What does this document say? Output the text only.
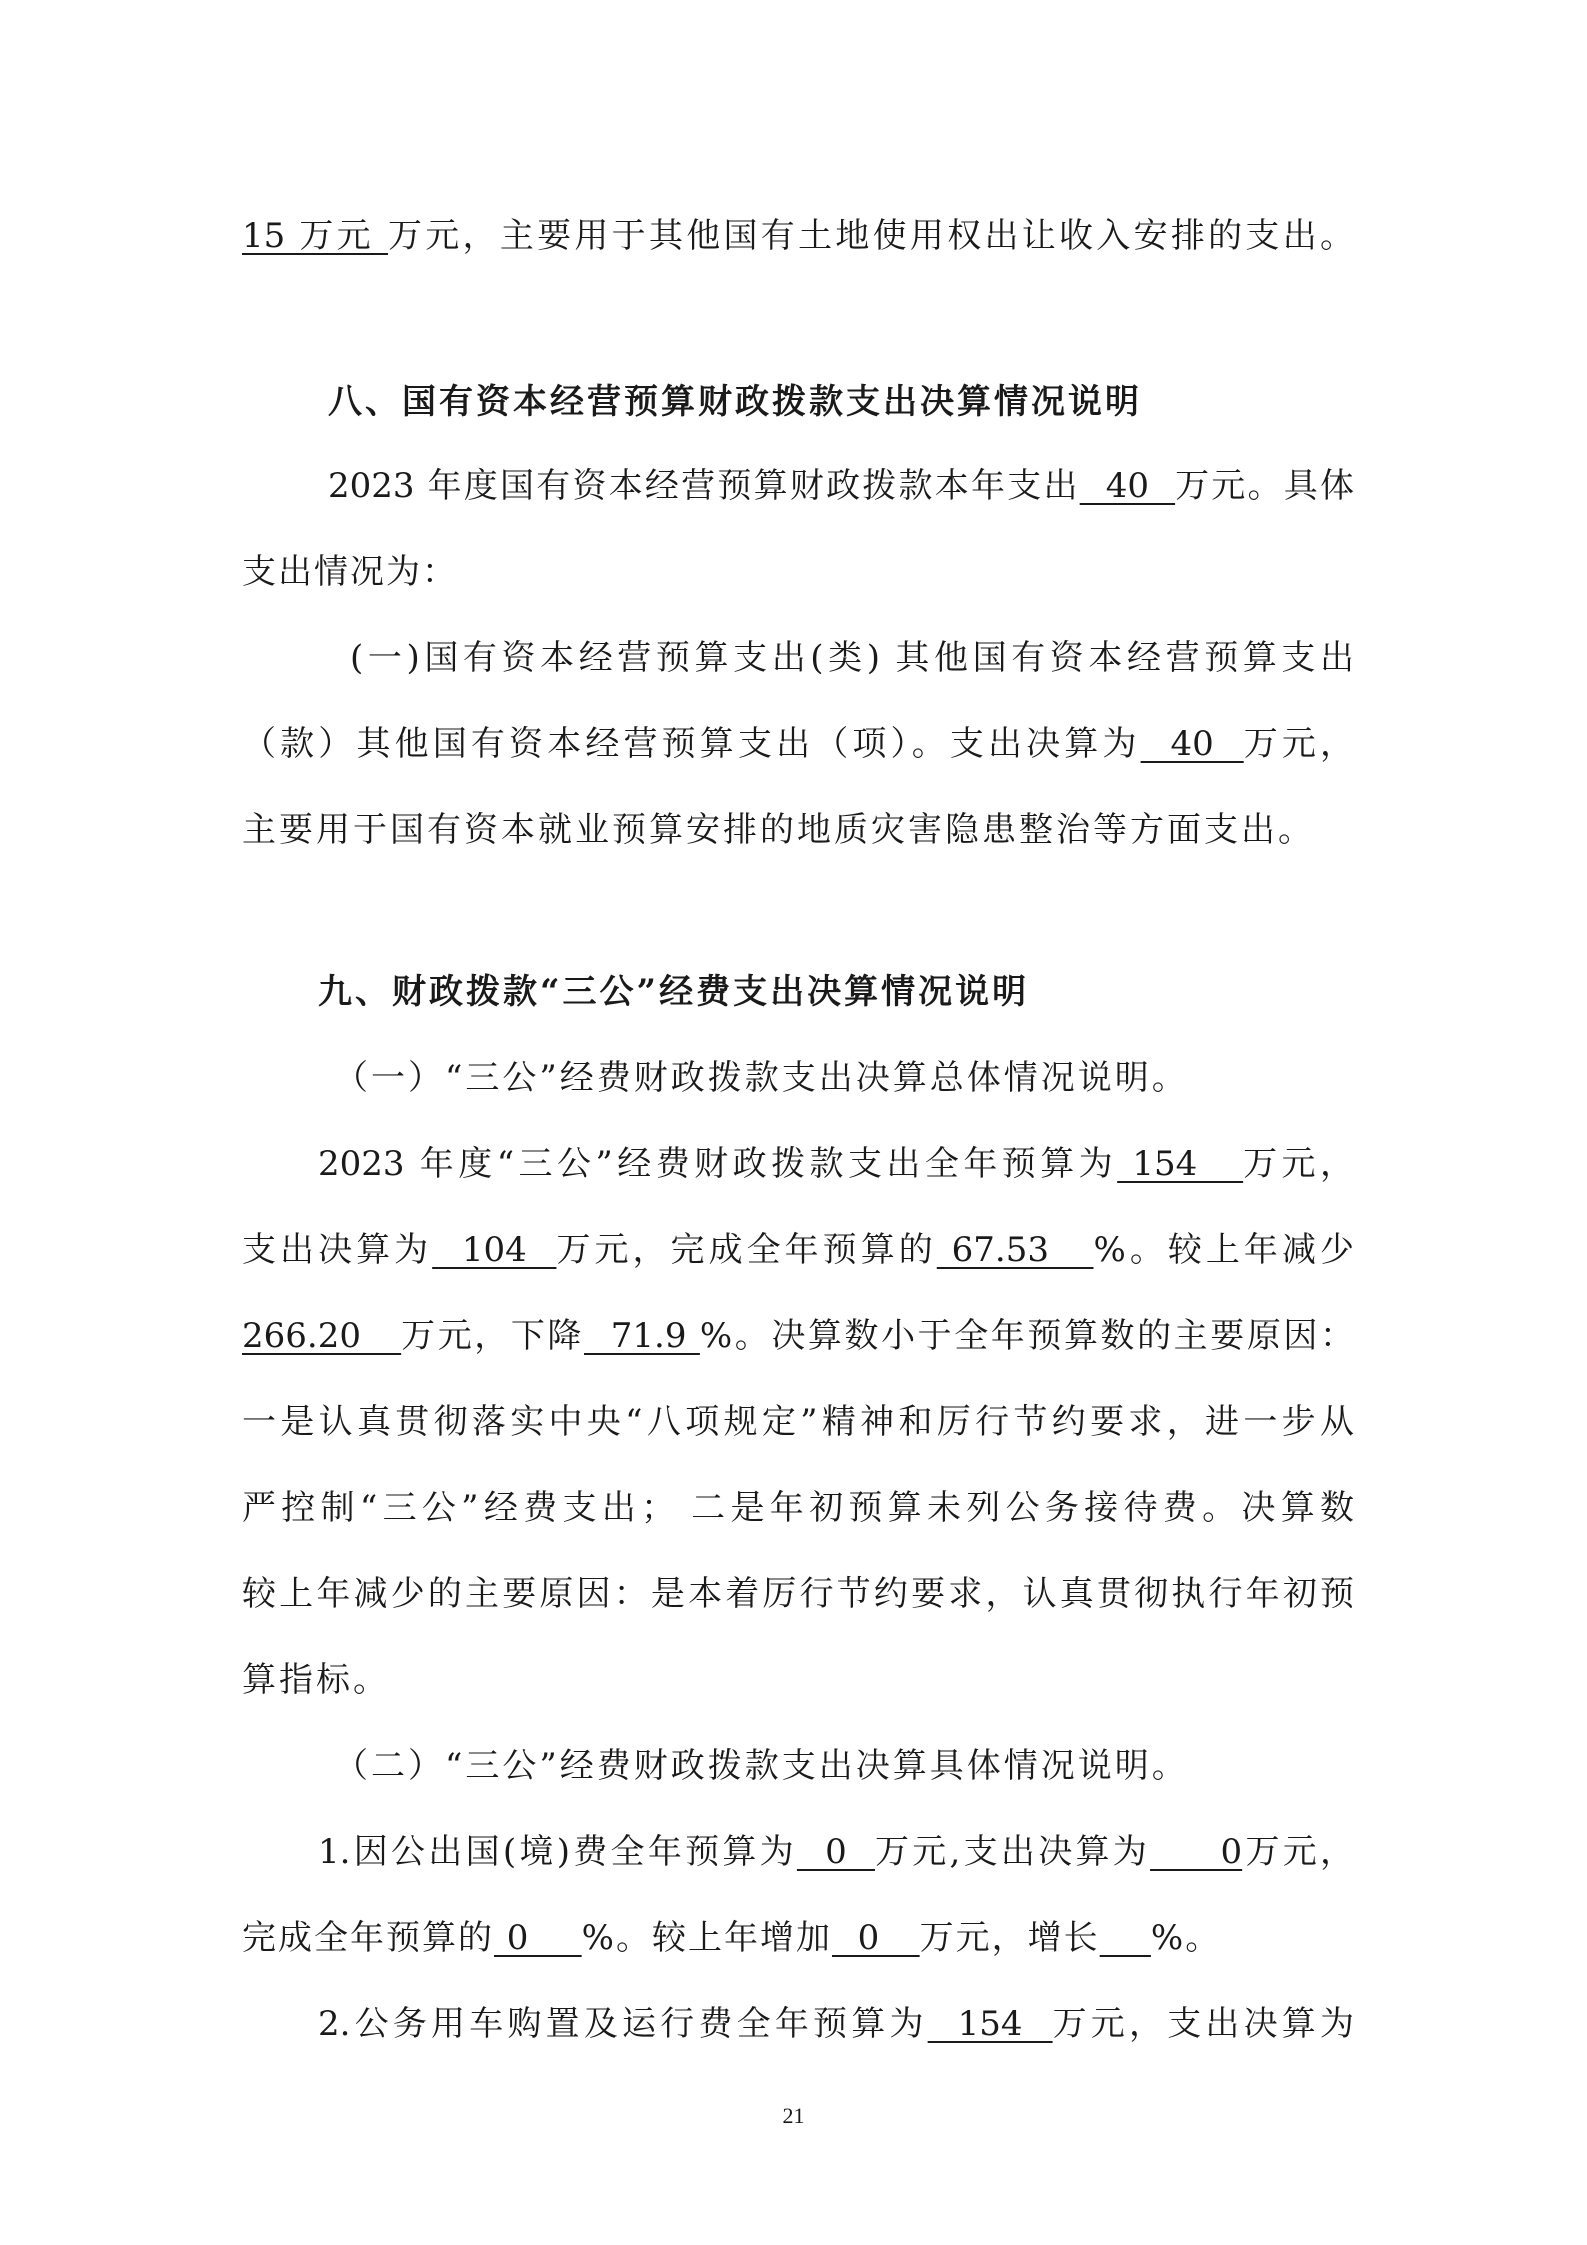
15 万元 万元，主要用于其他国有土地使用权出让收入安排的支出。
八、国有资本经营预算财政拨款支出决算情况说明
2023 年度国有资本经营预算财政拨款本年支出  40  万元。具体
支出情况为：
(一)国有资本经营预算支出(类) 其他国有资本经营预算支出
（款）其他国有资本经营预算支出（项）。支出决算为  40  万元，
主要用于国有资本就业预算安排的地质灾害隐患整治等方面支出。
九、财政拨款“三公”经费支出决算情况说明
（一）“三公”经费财政拨款支出决算总体情况说明。
2023 年度“三公”经费财政拨款支出全年预算为 154   万元，
支出决算为  104  万元，完成全年预算的 67.53   %。较上年减少
266.20   万元，下降  71.9 %。决算数小于全年预算数的主要原因：
一是认真贯彻落实中央“八项规定”精神和厉行节约要求，进一步从
严控制“三公”经费支出； 二是年初预算未列公务接待费。决算数
较上年减少的主要原因：是本着厉行节约要求，认真贯彻执行年初预
算指标。
（二）“三公”经费财政拨款支出决算具体情况说明。
1.因公出国(境)费全年预算为  0  万元,支出决算为     0万元，
完成全年预算的 0    %。较上年增加  0   万元，增长 %。
2.公务用车购置及运行费全年预算为  154  万元，支出决算为
21
